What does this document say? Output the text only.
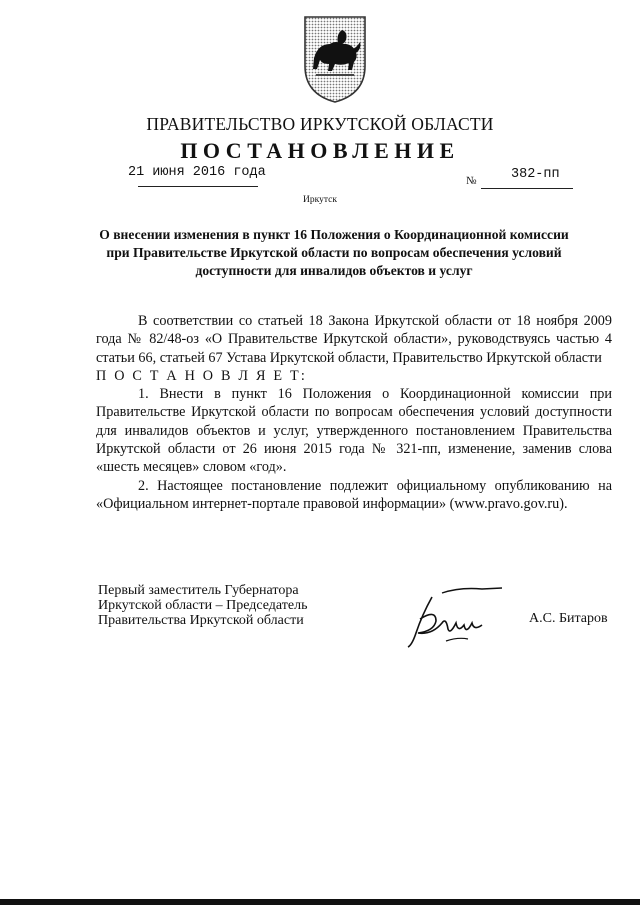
ПРАВИТЕЛЬСТВО ИРКУТСКОЙ ОБЛАСТИ
ПОСТАНОВЛЕНИЕ
21 июня 2016 года
№	382-пп
Иркутск
О внесении изменения в пункт 16 Положения о Координационной комиссии при Правительстве Иркутской области по вопросам обеспечения условий доступности для инвалидов объектов и услуг

В соответствии со статьей 18 Закона Иркутской области от 18 ноября 2009 года № 82/48-оз «О Правительстве Иркутской области», руководствуясь частью 4 статьи 66, статьей 67 Устава Иркутской области, Правительство Иркутской области

П О С Т А Н О В Л Я Е Т:

1. Внести в пункт 16 Положения о Координационной комиссии при Правительстве Иркутской области по вопросам обеспечения условий доступности для инвалидов объектов и услуг, утвержденного постановлением Правительства Иркутской области от 26 июня 2015 года № 321-пп, изменение, заменив слова «шесть месяцев» словом «год».

2. Настоящее постановление подлежит официальному опубликованию на «Официальном интернет-портале правовой информации» (www.pravo.gov.ru).

Первый заместитель Губернатора
Иркутской области – Председатель
Правительства Иркутской области	А.С. Битаров
